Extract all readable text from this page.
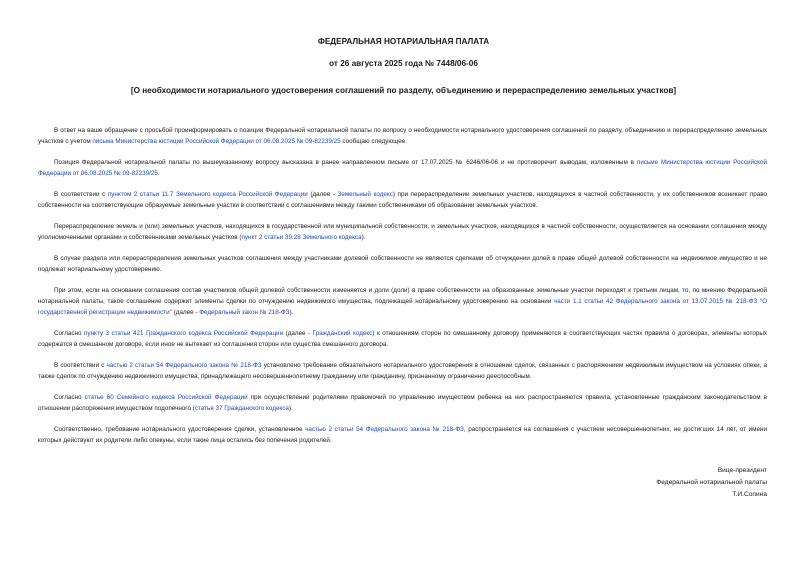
ФЕДЕРАЛЬНАЯ НОТАРИАЛЬНАЯ ПАЛАТА
от 26 августа 2025 года № 7448/06-06
[О необходимости нотариального удостоверения соглашений по разделу, объединению и перераспределению земельных участков]

В ответ на ваше обращение с просьбой проинформировать о позиции Федеральной нотариальной палаты по вопросу о необходимости нотариального удостоверения соглашений по разделу, объединению и перераспределению земельных участков с учетом письма Министерства юстиции Российской Федерации от 06.08.2025 № 09-82239/25 сообщаю следующее.

Позиция Федеральной нотариальной палаты по вышеуказанному вопросу высказана в ранее направленном письме от 17.07.2025 № 6246/06-06 и не противоречит выводам, изложенным в письме Министерства юстиции Российской Федерации от 06.08.2025 № 09-82239/25.

В соответствии с пунктом 2 статьи 11.7 Земельного кодекса Российской Федерации (далее - Земельный кодекс) при перераспределении земельных участков, находящихся в частной собственности, у их собственников возникает право собственности на соответствующие образуемые земельные участки в соответствии с соглашениями между такими собственниками об образовании земельных участков.

Перераспределение земель и (или) земельных участков, находящихся в государственной или муниципальной собственности, и земельных участков, находящихся в частной собственности, осуществляется на основании соглашения между уполномоченными органами и собственниками земельных участков (пункт 2 статьи 39.28 Земельного кодекса).

В случае раздела или перераспределения земельных участков соглашения между участниками долевой собственности не являются сделками об отчуждении долей в праве общей долевой собственности на недвижимое имущество и не подлежат нотариальному удостоверению.

При этом, если на основании соглашения состав участников общей долевой собственности изменяется и доли (доли) в праве собственности на образованные земельные участки переходят к третьим лицам, то, по мнению Федеральной нотариальной палаты, такое соглашение содержит элементы сделки по отчуждению недвижимого имущества, подлежащей нотариальному удостоверению на основании части 1.1 статьи 42 Федерального закона от 13.07.2015 № 218-ФЗ "О государственной регистрации недвижимости" (далее - Федеральный закон № 218-ФЗ).

Согласно пункту 3 статьи 421 Гражданского кодекса Российской Федерации (далее - Гражданский кодекс) к отношениям сторон по смешанному договору применяются в соответствующих частях правила о договорах, элементы которых содержатся в смешанном договоре, если иное не вытекает из соглашения сторон или существа смешанного договора.

В соответствии с частью 2 статьи 54 Федерального закона № 218-ФЗ установлено требование обязательного нотариального удостоверения в отношении сделок, связанных с распоряжением недвижимым имуществом на условиях опеки, а также сделок по отчуждению недвижимого имущества, принадлежащего несовершеннолетнему гражданину или гражданину, признанному ограниченно дееспособным.

Согласно статье 60 Семейного кодекса Российской Федерации при осуществлении родителями правомочий по управлению имуществом ребенка на них распространяются правила, установленные гражданским законодательством в отношении распоряжения имуществом подопечного (статья 37 Гражданского кодекса).

Соответственно, требование нотариального удостоверения сделки, установленное частью 2 статьи 54 Федерального закона № 218-ФЗ, распространяется на соглашения с участием несовершеннолетних, не достигших 14 лет, от имени которых действуют их родители либо опекуны, если такие лица остались без попечения родителей.

Вице-президент
Федеральной нотариальной палаты
Т.И.Сопина
